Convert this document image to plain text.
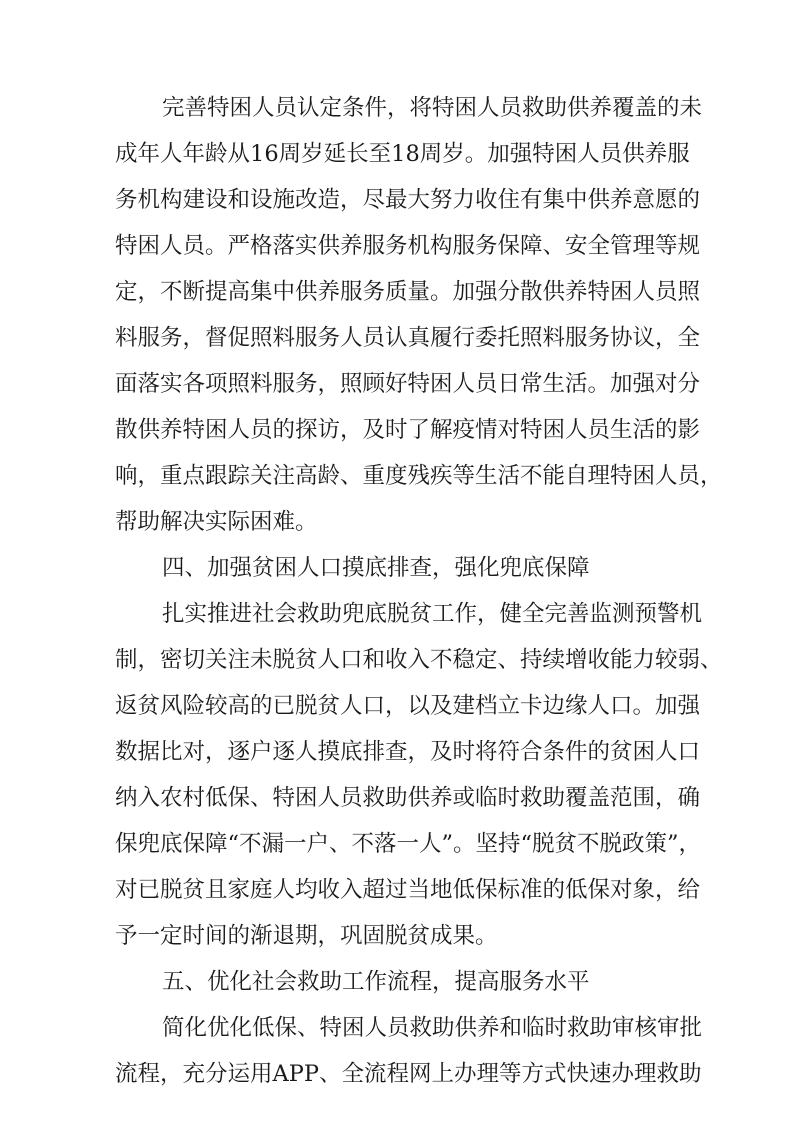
完善特困人员认定条件，将特困人员救助供养覆盖的未
成年人年龄从16周岁延长至18周岁。加强特困人员供养服
务机构建设和设施改造，尽最大努力收住有集中供养意愿的
特困人员。严格落实供养服务机构服务保障、安全管理等规
定，不断提高集中供养服务质量。加强分散供养特困人员照
料服务，督促照料服务人员认真履行委托照料服务协议，全
面落实各项照料服务，照顾好特困人员日常生活。加强对分
散供养特困人员的探访，及时了解疫情对特困人员生活的影
响，重点跟踪关注高龄、重度残疾等生活不能自理特困人员，
帮助解决实际困难。
四、加强贫困人口摸底排查，强化兜底保障
扎实推进社会救助兜底脱贫工作，健全完善监测预警机
制，密切关注未脱贫人口和收入不稳定、持续增收能力较弱、
返贫风险较高的已脱贫人口，以及建档立卡边缘人口。加强
数据比对，逐户逐人摸底排查，及时将符合条件的贫困人口
纳入农村低保、特困人员救助供养或临时救助覆盖范围，确
保兜底保障“不漏一户、不落一人”。坚持“脱贫不脱政策”，
对已脱贫且家庭人均收入超过当地低保标准的低保对象，给
予一定时间的渐退期，巩固脱贫成果。
五、优化社会救助工作流程，提高服务水平
简化优化低保、特困人员救助供养和临时救助审核审批
流程，充分运用APP、全流程网上办理等方式快速办理救助
